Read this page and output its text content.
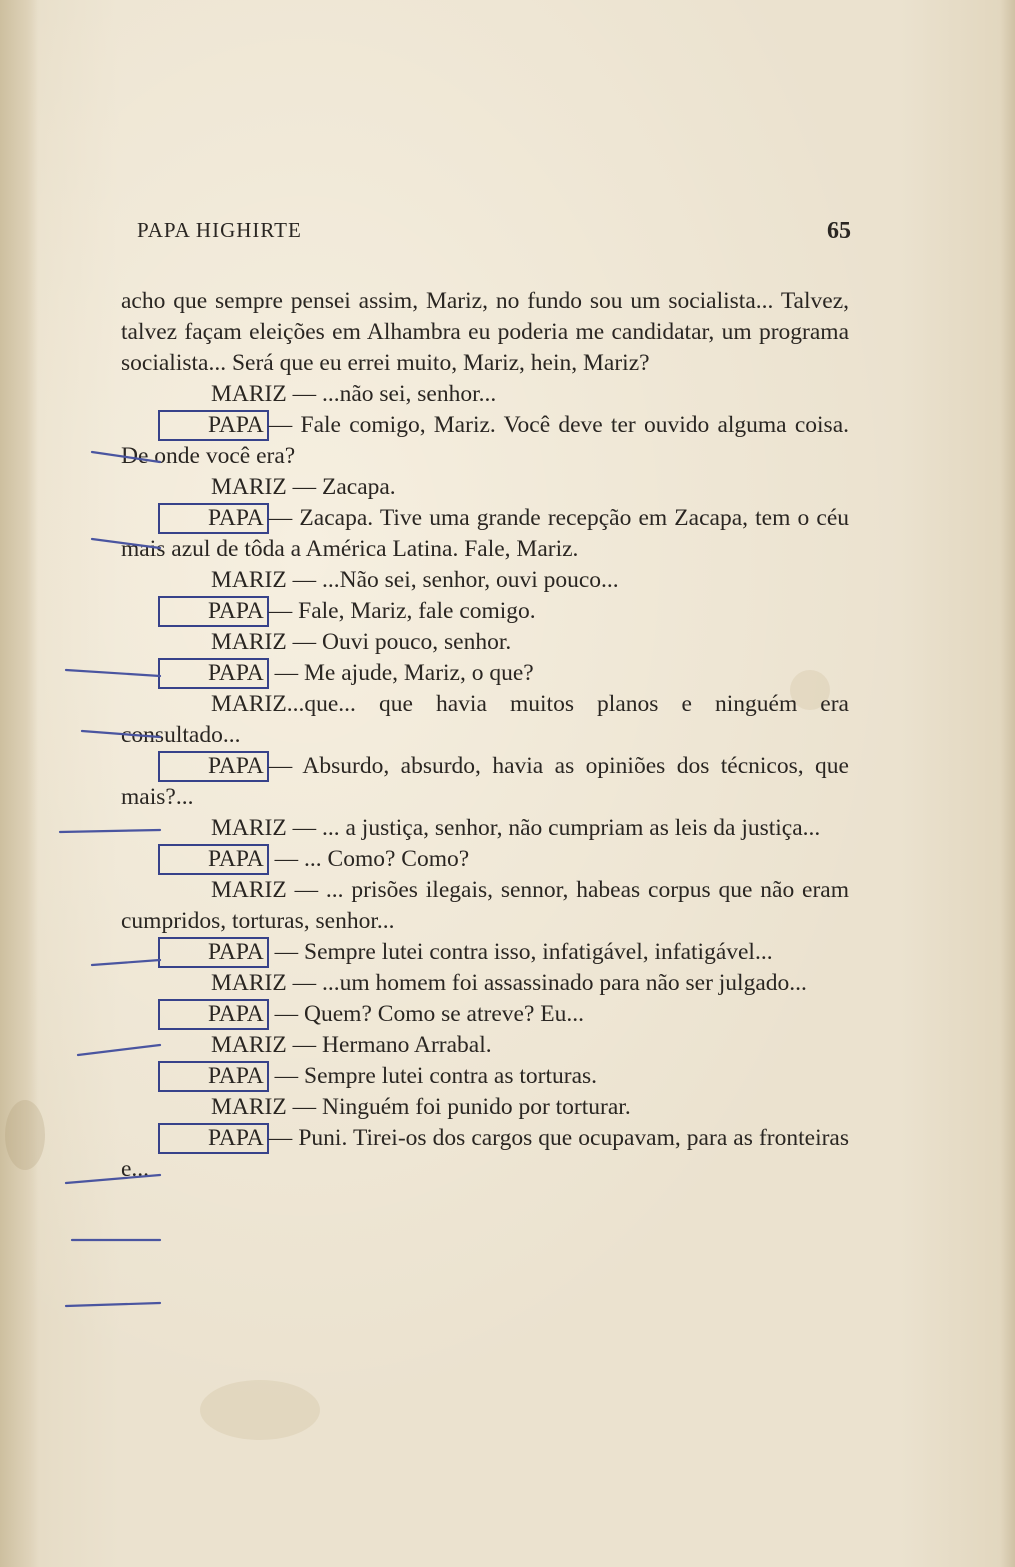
PAPA HIGHIRTE	65

acho que sempre pensei assim, Mariz, no fundo sou um socialista... Talvez, talvez façam eleições em Alhambra eu poderia me candidatar, um programa socialista... Será que eu errei muito, Mariz, hein, Mariz?

MARIZ — ...não sei, senhor...

PAPA — Fale comigo, Mariz. Você deve ter ouvido alguma coisa. De onde você era?

MARIZ — Zacapa.

PAPA — Zacapa. Tive uma grande recepção em Zacapa, tem o céu mais azul de tôda a América Latina. Fale, Mariz.

MARIZ — ...Não sei, senhor, ouvi pouco...

PAPA — Fale, Mariz, fale comigo.

MARIZ — Ouvi pouco, senhor.

PAPA — Me ajude, Mariz, o que?

MARIZ...que... que havia muitos planos e ninguém era consultado...

PAPA — Absurdo, absurdo, havia as opiniões dos técnicos, que mais?...

MARIZ — ... a justiça, senhor, não cumpriam as leis da justiça...

PAPA — ... Como? Como?

MARIZ — ... prisões ilegais, sennor, habeas corpus que não eram cumpridos, torturas, senhor...

PAPA — Sempre lutei contra isso, infatigável, infatigável...

MARIZ — ...um homem foi assassinado para não ser julgado...

PAPA — Quem? Como se atreve? Eu...

MARIZ — Hermano Arrabal.

PAPA — Sempre lutei contra as torturas.

MARIZ — Ninguém foi punido por torturar.

PAPA — Puni. Tirei-os dos cargos que ocupavam, para as fronteiras e...
